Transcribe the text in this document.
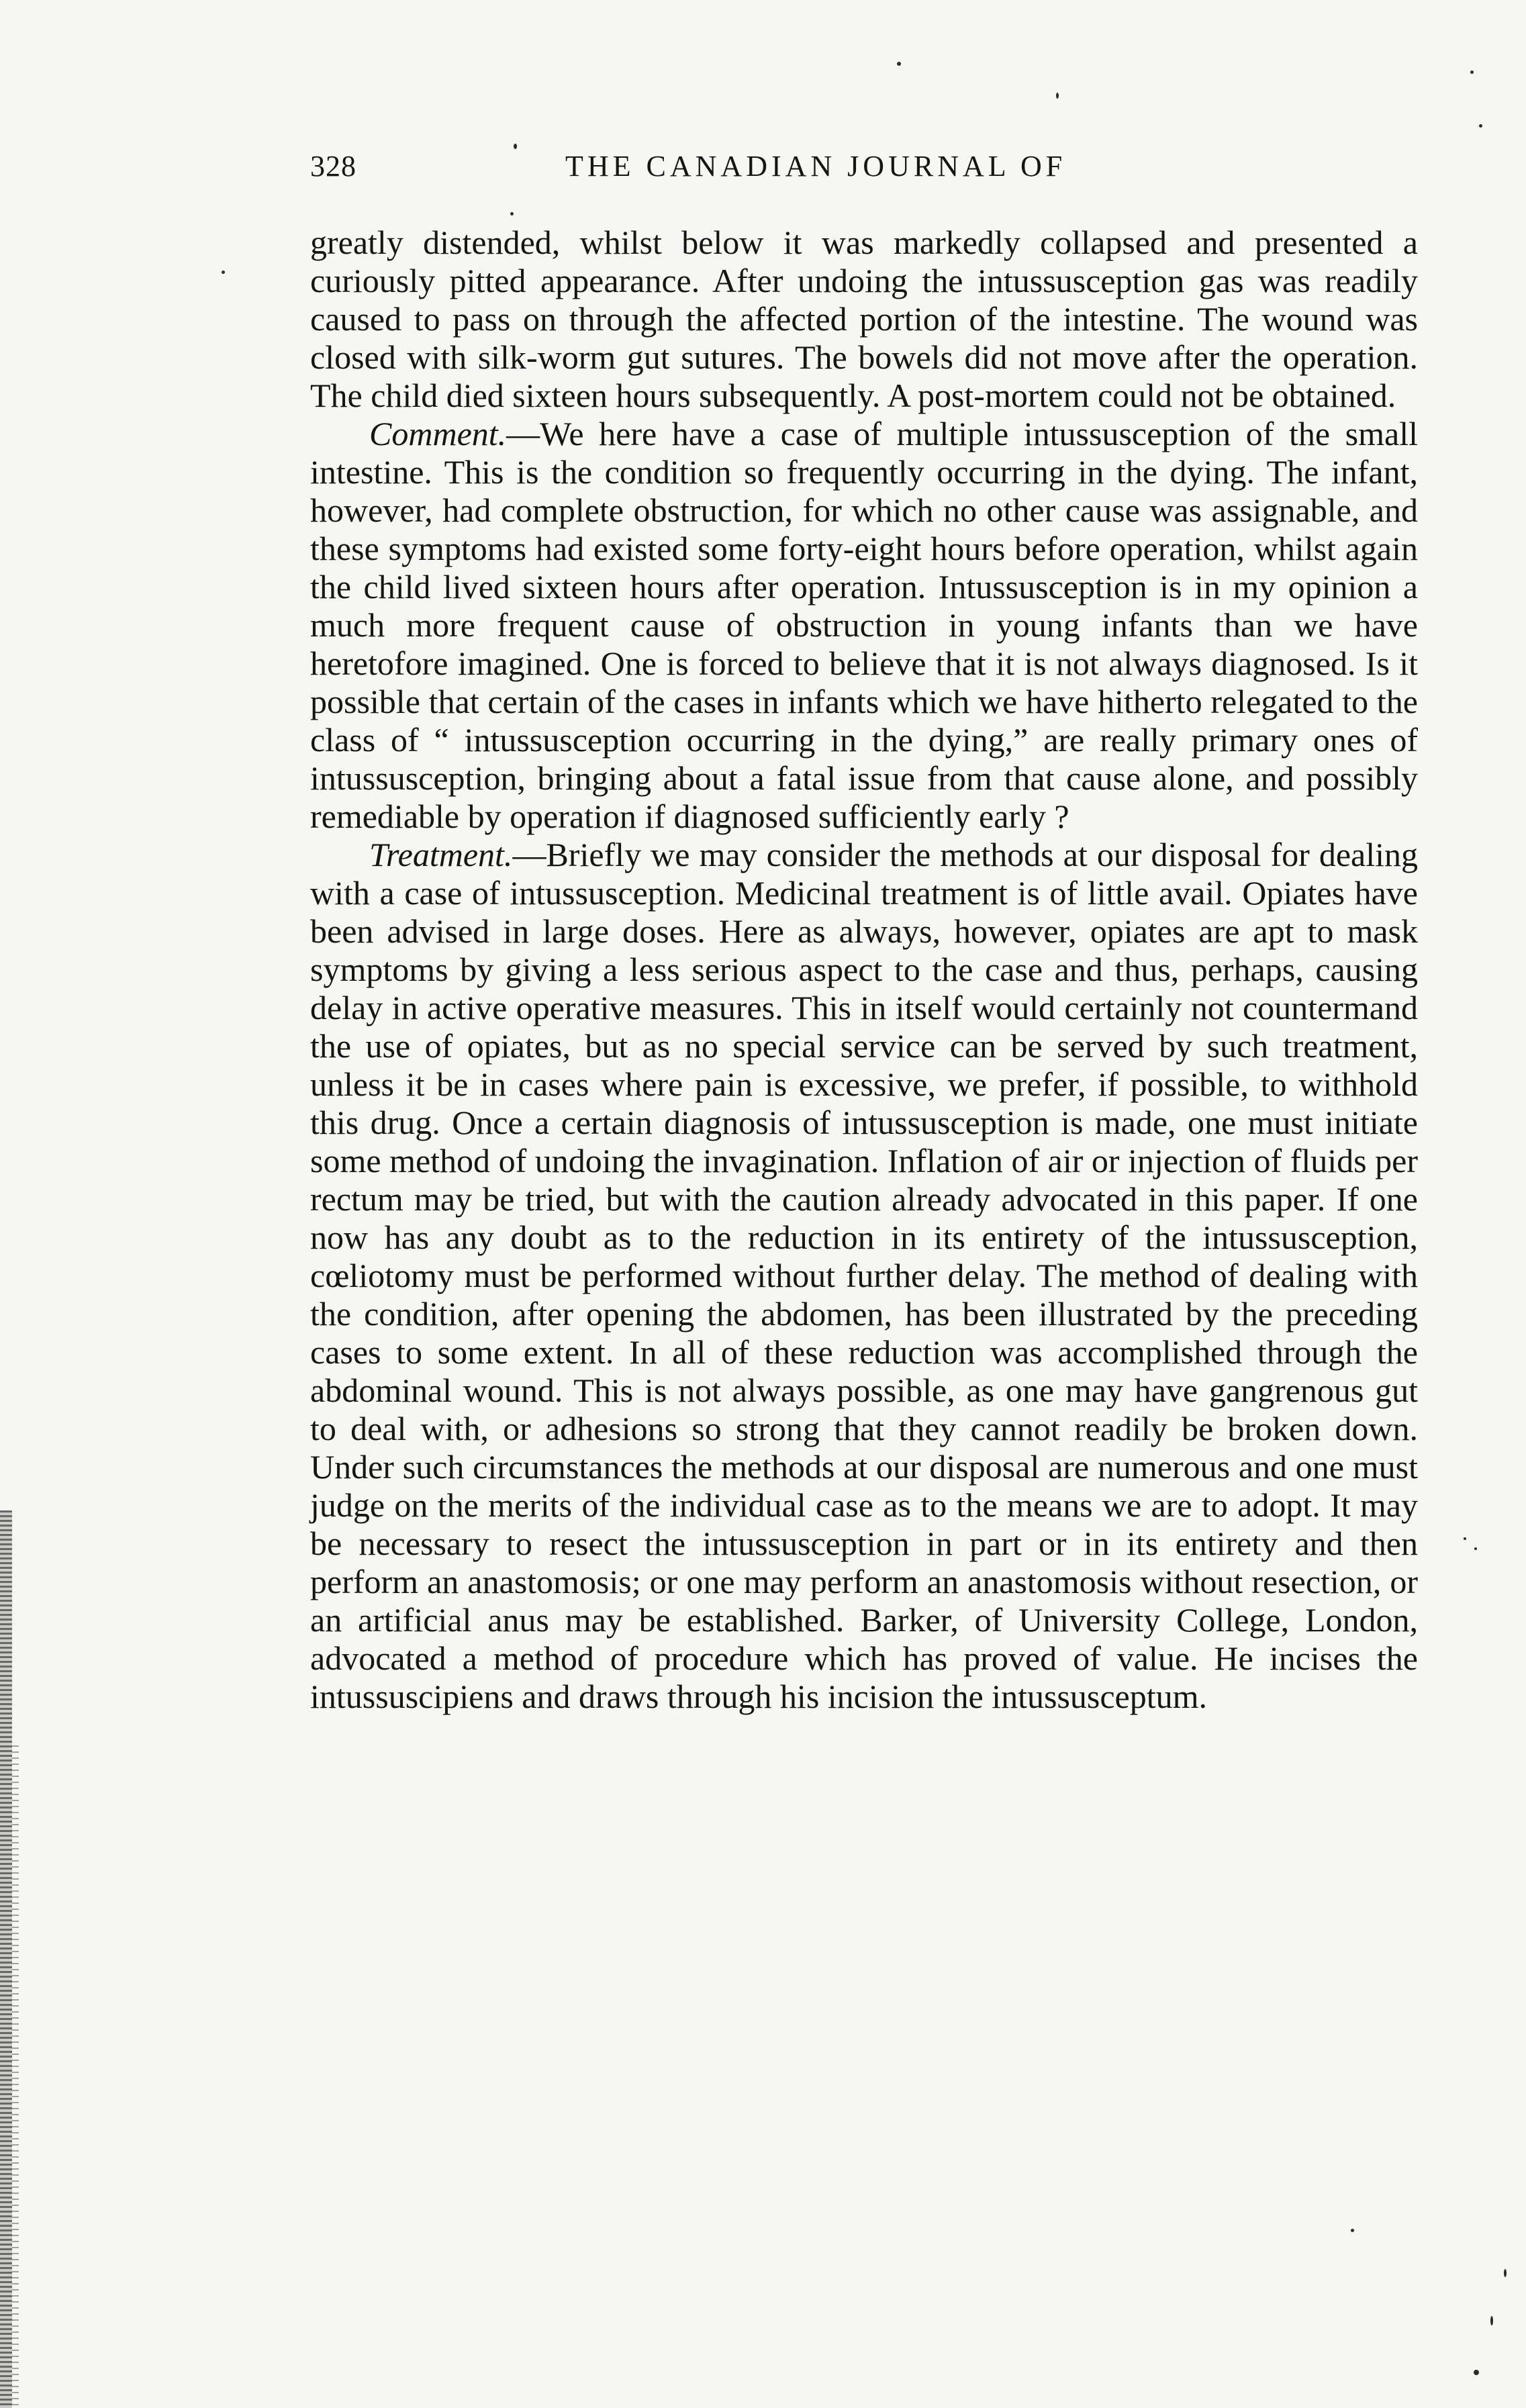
328	THE CANADIAN JOURNAL OF

greatly distended, whilst below it was markedly collapsed and presented a curiously pitted appearance. After undoing the intussusception gas was readily caused to pass on through the affected portion of the intestine. The wound was closed with silk-worm gut sutures. The bowels did not move after the operation. The child died sixteen hours subsequently. A post-mortem could not be obtained.

Comment.—We here have a case of multiple intussusception of the small intestine. This is the condition so frequently occurring in the dying. The infant, however, had complete obstruction, for which no other cause was assignable, and these symptoms had existed some forty-eight hours before operation, whilst again the child lived sixteen hours after operation. Intussusception is in my opinion a much more frequent cause of obstruction in young infants than we have heretofore imagined. One is forced to believe that it is not always diagnosed. Is it possible that certain of the cases in infants which we have hitherto relegated to the class of “ intussusception occurring in the dying,” are really primary ones of intussusception, bringing about a fatal issue from that cause alone, and possibly remediable by operation if diagnosed sufficiently early ?

Treatment.—Briefly we may consider the methods at our disposal for dealing with a case of intussusception. Medicinal treatment is of little avail. Opiates have been advised in large doses. Here as always, however, opiates are apt to mask symptoms by giving a less serious aspect to the case and thus, perhaps, causing delay in active operative measures. This in itself would certainly not countermand the use of opiates, but as no special service can be served by such treatment, unless it be in cases where pain is excessive, we prefer, if possible, to withhold this drug. Once a certain diagnosis of intussusception is made, one must initiate some method of undoing the invagination. Inflation of air or injection of fluids per rectum may be tried, but with the caution already advocated in this paper. If one now has any doubt as to the reduction in its entirety of the intussusception, cœliotomy must be performed without further delay. The method of dealing with the condition, after opening the abdomen, has been illustrated by the preceding cases to some extent. In all of these reduction was accomplished through the abdominal wound. This is not always possible, as one may have gangrenous gut to deal with, or adhesions so strong that they cannot readily be broken down. Under such circumstances the methods at our disposal are numerous and one must judge on the merits of the individual case as to the means we are to adopt. It may be necessary to resect the intussusception in part or in its entirety and then perform an anastomosis; or one may perform an anastomosis without resection, or an artificial anus may be established. Barker, of University College, London, advocated a method of procedure which has proved of value. He incises the intussuscipiens and draws through his incision the intussusceptum.
